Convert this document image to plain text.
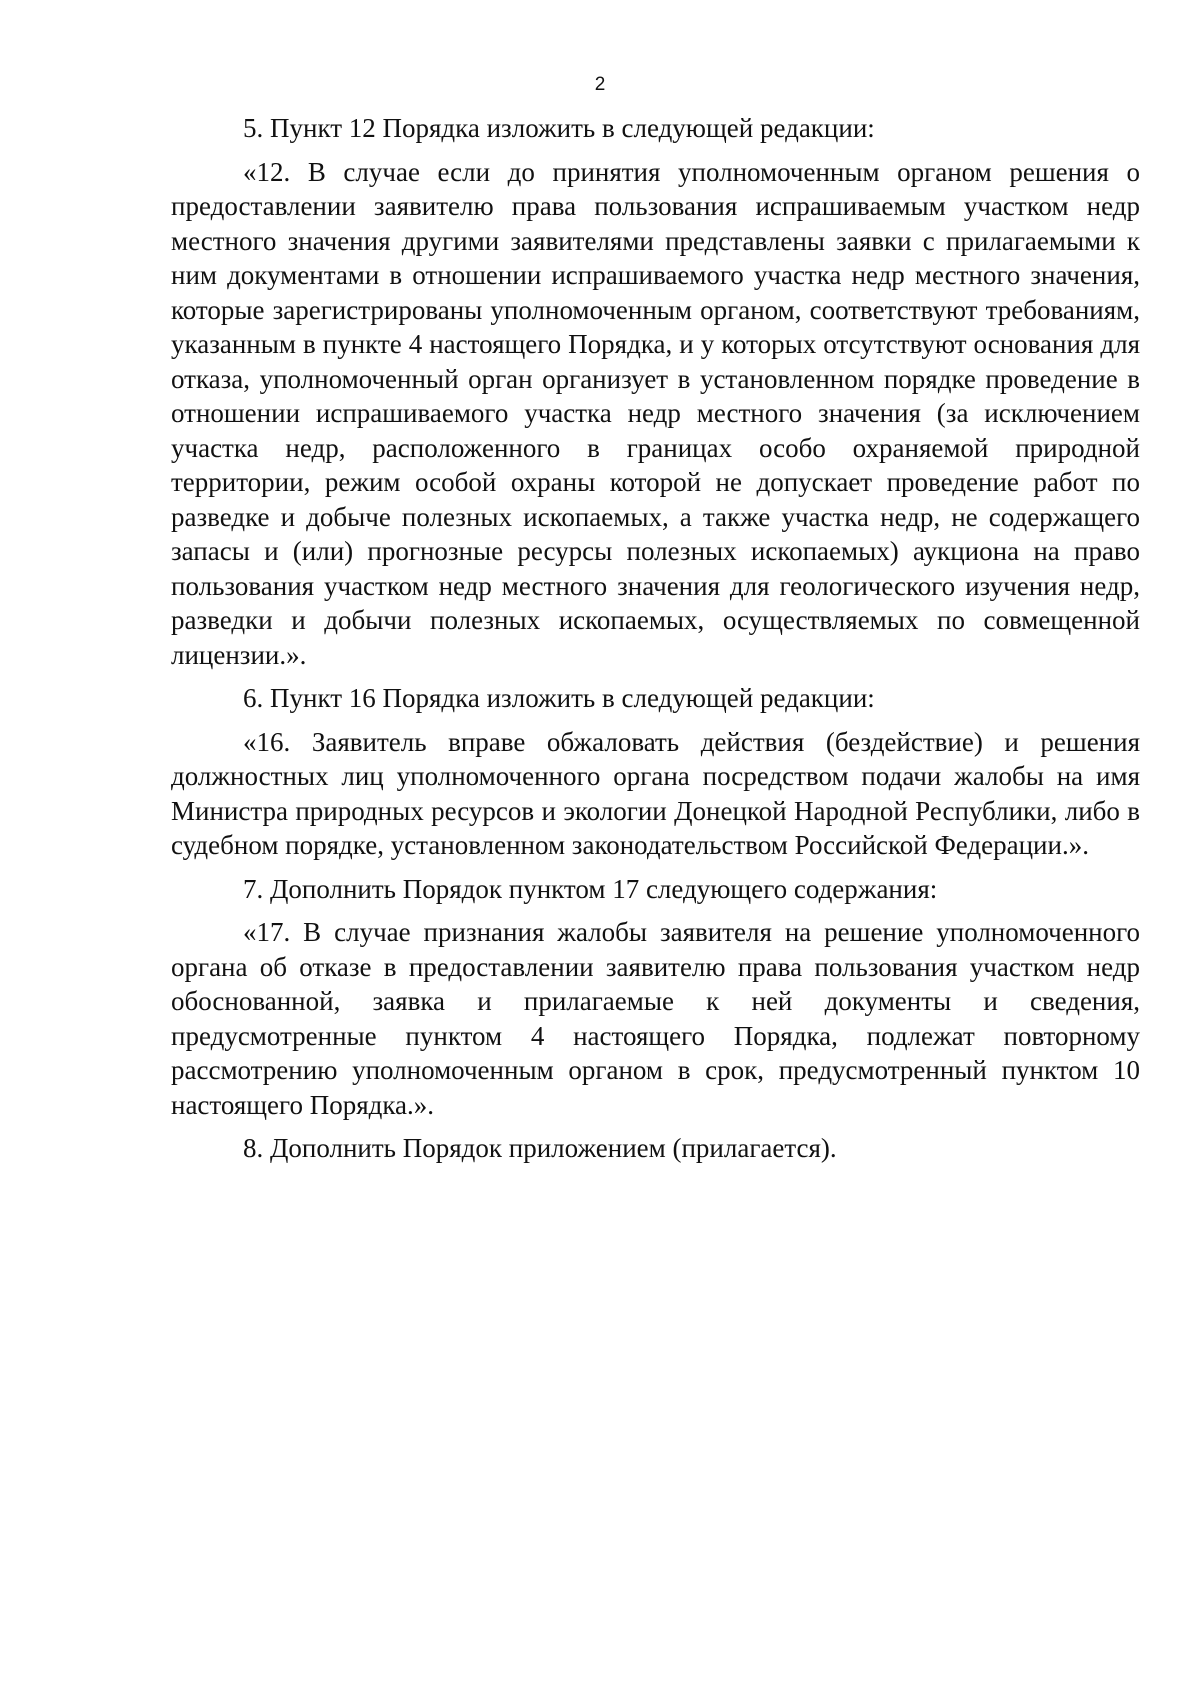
2

5. Пункт 12 Порядка изложить в следующей редакции:

«12. В случае если до принятия уполномоченным органом решения о предоставлении заявителю права пользования испрашиваемым участком недр местного значения другими заявителями представлены заявки с прилагаемыми к ним документами в отношении испрашиваемого участка недр местного значения, которые зарегистрированы уполномоченным органом, соответствуют требованиям, указанным в пункте 4 настоящего Порядка, и у которых отсутствуют основания для отказа, уполномоченный орган организует в установленном порядке проведение в отношении испрашиваемого участка недр местного значения (за исключением участка недр, расположенного в границах особо охраняемой природной территории, режим особой охраны которой не допускает проведение работ по разведке и добыче полезных ископаемых, а также участка недр, не содержащего запасы и (или) прогнозные ресурсы полезных ископаемых) аукциона на право пользования участком недр местного значения для геологического изучения недр, разведки и добычи полезных ископаемых, осуществляемых по совмещенной лицензии.».

6. Пункт 16 Порядка изложить в следующей редакции:

«16. Заявитель вправе обжаловать действия (бездействие) и решения должностных лиц уполномоченного органа посредством подачи жалобы на имя Министра природных ресурсов и экологии Донецкой Народной Республики, либо в судебном порядке, установленном законодательством Российской Федерации.».

7. Дополнить Порядок пунктом 17 следующего содержания:

«17. В случае признания жалобы заявителя на решение уполномоченного органа об отказе в предоставлении заявителю права пользования участком недр обоснованной, заявка и прилагаемые к ней документы и сведения, предусмотренные пунктом 4 настоящего Порядка, подлежат повторному рассмотрению уполномоченным органом в срок, предусмотренный пунктом 10 настоящего Порядка.».

8. Дополнить Порядок приложением (прилагается).
